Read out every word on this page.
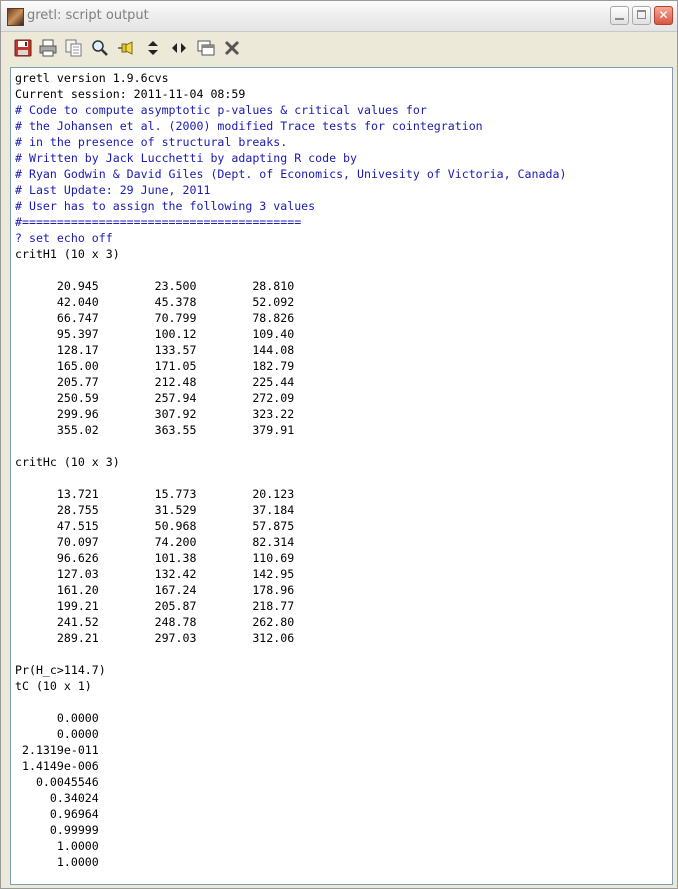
gretl: script output	✕
gretl version 1.9.6cvs
Current session: 2011-11-04 08:59
# Code to compute asymptotic p-values & critical values for
# the Johansen et al. (2000) modified Trace tests for cointegration
# in the presence of structural breaks.
# Written by Jack Lucchetti by adapting R code by
# Ryan Godwin & David Giles (Dept. of Economics, Univesity of Victoria, Canada)
# Last Update: 29 June, 2011
# User has to assign the following 3 values
#========================================
? set echo off
critH1 (10 x 3)
20.945        23.500        28.810
42.040        45.378        52.092
66.747        70.799        78.826
95.397        100.12        109.40
128.17        133.57        144.08
165.00        171.05        182.79
205.77        212.48        225.44
250.59        257.94        272.09
299.96        307.92        323.22
355.02        363.55        379.91
critHc (10 x 3)
13.721        15.773        20.123
28.755        31.529        37.184
47.515        50.968        57.875
70.097        74.200        82.314
96.626        101.38        110.69
127.03        132.42        142.95
161.20        167.24        178.96
199.21        205.87        218.77
241.52        248.78        262.80
289.21        297.03        312.06
Pr(H_c>114.7)
tC (10 x 1)
0.0000
0.0000
2.1319e-011
1.4149e-006
0.0045546
0.34024
0.96964
0.99999
1.0000
1.0000
